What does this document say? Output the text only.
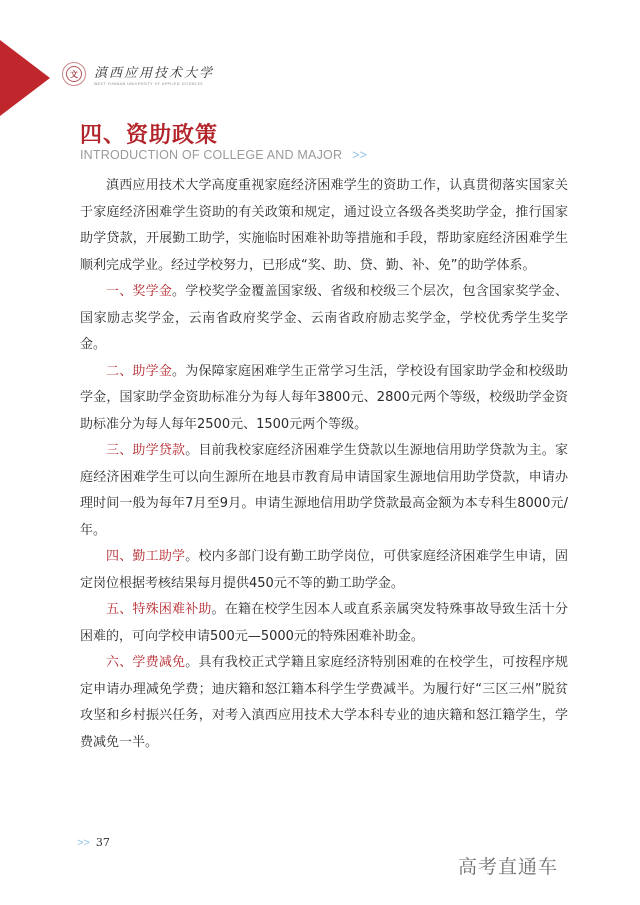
文	滇西应用技术大学
WEST YUNNAN UNIVERSITY OF APPLIED SCIENCES
四、资助政策
INTRODUCTION OF COLLEGE AND MAJOR >>

滇西应用技术大学高度重视家庭经济困难学生的资助工作，认真贯彻落实国家关于家庭经济困难学生资助的有关政策和规定，通过设立各级各类奖助学金，推行国家助学贷款，开展勤工助学，实施临时困难补助等措施和手段，帮助家庭经济困难学生顺利完成学业。经过学校努力，已形成“奖、助、贷、勤、补、免”的助学体系。

一、奖学金。学校奖学金覆盖国家级、省级和校级三个层次，包含国家奖学金、国家励志奖学金，云南省政府奖学金、云南省政府励志奖学金，学校优秀学生奖学金。

二、助学金。为保障家庭困难学生正常学习生活，学校设有国家助学金和校级助学金，国家助学金资助标准分为每人每年3800元、2800元两个等级，校级助学金资助标准分为每人每年2500元、1500元两个等级。

三、助学贷款。目前我校家庭经济困难学生贷款以生源地信用助学贷款为主。家庭经济困难学生可以向生源所在地县市教育局申请国家生源地信用助学贷款，申请办理时间一般为每年7月至9月。申请生源地信用助学贷款最高金额为本专科生8000元/年。

四、勤工助学。校内多部门设有勤工助学岗位，可供家庭经济困难学生申请，固定岗位根据考核结果每月提供450元不等的勤工助学金。

五、特殊困难补助。在籍在校学生因本人或直系亲属突发特殊事故导致生活十分困难的，可向学校申请500元—5000元的特殊困难补助金。

六、学费减免。具有我校正式学籍且家庭经济特别困难的在校学生，可按程序规定申请办理减免学费；迪庆籍和怒江籍本科学生学费减半。为履行好“三区三州”脱贫攻坚和乡村振兴任务，对考入滇西应用技术大学本科专业的迪庆籍和怒江籍学生，学费减免一半。

>> 37
高考直通车
